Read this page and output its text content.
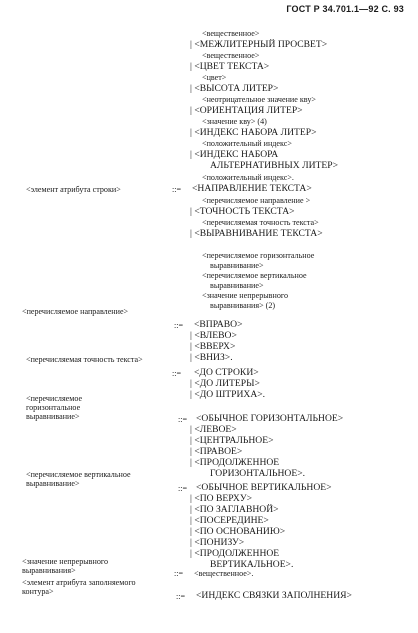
ГОСТ Р 34.701.1—92 С. 93
<вещественное>
| <МЕЖЛИТЕРНЫЙ ПРОСВЕТ>
<вещественное>
| <ЦВЕТ ТЕКСТА>
<цвет>
| <ВЫСОТА ЛИТЕР>
<неотрицательное значение кву>
| <ОРИЕНТАЦИЯ ЛИТЕР>
<значение кву> (4)
| <ИНДЕКС НАБОРА ЛИТЕР>
<положительный индекс>
| <ИНДЕКС НАБОРА
АЛЬТЕРНАТИВНЫХ ЛИТЕР>
<положительный индекс>.
<элемент атрибута строки>	::= <НАПРАВЛЕНИЕ ТЕКСТА>
<перечисляемое направление >
| <ТОЧНОСТЬ ТЕКСТА>
<перечисляемая точность текста>
| <ВЫРАВНИВАНИЕ ТЕКСТА>
<перечисляемое горизонтальное
выравнивание>
<перечисляемое вертикальное
выравнивание>
<значение непрерывного
выравнивания> (2)
<перечисляемое направление>
::= <ВПРАВО>
| <ВЛЕВО>
| <ВВЕРХ>
| <ВНИЗ>.
<перечисляемая точность текста>
::= <ДО СТРОКИ>
| <ДО ЛИТЕРЫ>
| <ДО ШТРИХА>.
<перечисляемое горизонтальное выравнивание>	::= <ОБЫЧНОЕ ГОРИЗОНТАЛЬНОЕ>
| <ЛЕВОЕ>
| <ЦЕНТРАЛЬНОЕ>
| <ПРАВОЕ>
| <ПРОДОЛЖЕННОЕ
ГОРИЗОНТАЛЬНОЕ>.
<перечисляемое вертикальное выравнивание>
::= <ОБЫЧНОЕ ВЕРТИКАЛЬНОЕ>
| <ПО ВЕРХУ>
| <ПО ЗАГЛАВНОЙ>
| <ПОСЕРЕДИНЕ>
| <ПО ОСНОВАНИЮ>
| <ПОНИЗУ>
| <ПРОДОЛЖЕННОЕ
ВЕРТИКАЛЬНОЕ>.
<значение непрерывного выравнивания>	::= <вещественное>.
<элемент атрибута заполняемого контура>
::= <ИНДЕКС СВЯЗКИ ЗАПОЛНЕНИЯ>
